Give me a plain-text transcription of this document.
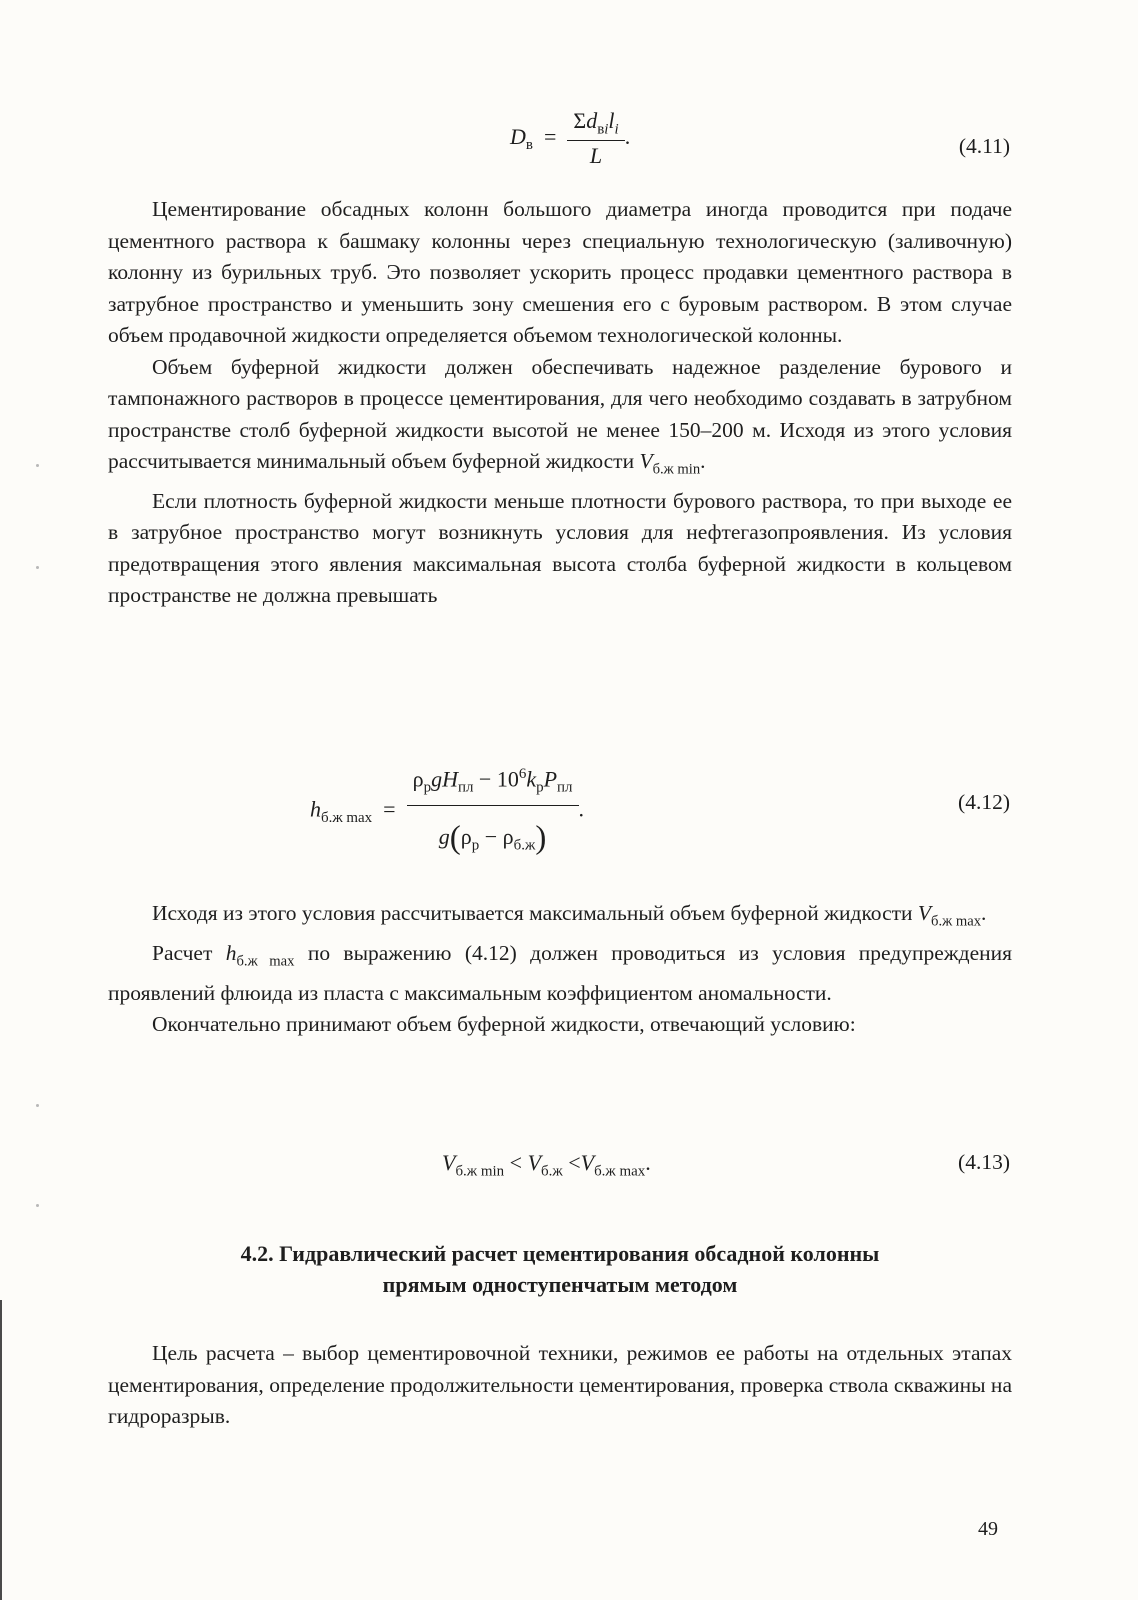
$D_в = \frac{\Sigma d_{вi}l_i}{L}$ .	(4.11)

Цементирование обсадных колонн большого диаметра иногда проводится при подаче цементного раствора к башмаку колонны через специальную технологическую (заливочную) колонну из бурильных труб. Это позволяет ускорить процесс продавки цементного раствора в затрубное пространство и уменьшить зону смешения его с буровым раствором. В этом случае объем продавочной жидкости определяется объемом технологической колонны.

Объем буферной жидкости должен обеспечивать надежное разделение бурового и тампонажного растворов в процессе цементирования, для чего необходимо создавать в затрубном пространстве столб буферной жидкости высотой не менее 150–200 м. Исходя из этого условия рассчитывается минимальный объем буферной жидкости $V_{б.ж min}$.

Если плотность буферной жидкости меньше плотности бурового раствора, то при выходе ее в затрубное пространство могут возникнуть условия для нефтегазопроявления. Из условия предотвращения этого явления максимальная высота столба буферной жидкости в кольцевом пространстве не должна превышать

$h_{б.ж max} = \frac{\rho_рgH_{пл} - 10^6k_рP_{пл}}{g(\rho_р - \rho_{б.ж})}$ .	(4.12)

Исходя из этого условия рассчитывается максимальный объем буферной жидкости $V_{б.ж max}$.

Расчет $h_{б.ж max}$ по выражению (4.12) должен проводиться из условия предупреждения проявлений флюида из пласта с максимальным коэффициентом аномальности.

Окончательно принимают объем буферной жидкости, отвечающий условию:

$V_{б.ж min} < V_{б.ж} <V_{б.ж max}$.	(4.13)
4.2. Гидравлический расчет цементирования обсадной колонны
прямым одноступенчатым методом

Цель расчета – выбор цементировочной техники, режимов ее работы на отдельных этапах цементирования, определение продолжительности цементирования, проверка ствола скважины на гидроразрыв.

49
